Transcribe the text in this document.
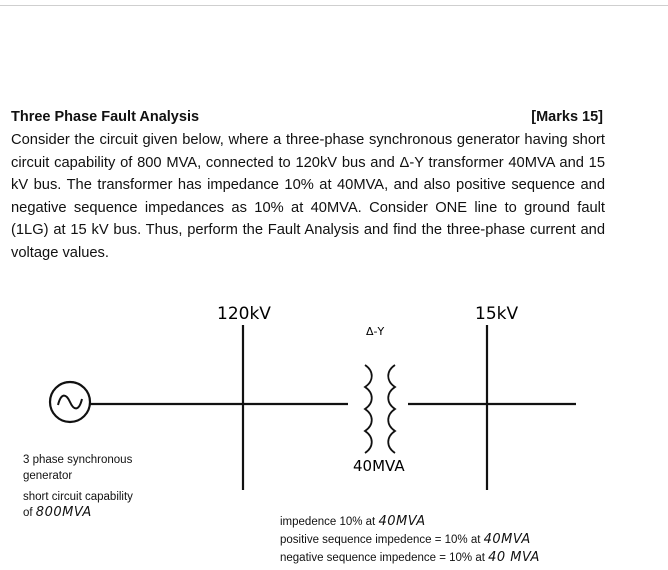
Three Phase Fault Analysis	[Marks 15]

Consider the circuit given below, where a three-phase synchronous generator having short circuit capability of 800 MVA, connected to 120kV bus and Δ-Y transformer 40MVA and 15 kV bus. The transformer has impedance 10% at 40MVA, and also positive sequence and negative sequence impedances as 10% at 40MVA. Consider ONE line to ground fault (1LG) at 15 kV bus. Thus, perform the Fault Analysis and find the three-phase current and voltage values.

120kV	15kV
Δ-Y
40MVA
3 phase synchronous generator
short circuit capability
of 800MVA
impedence 10% at 40MVA
positive sequence impedence = 10% at 40MVA
negative sequence impedence = 10% at 40 MVA
